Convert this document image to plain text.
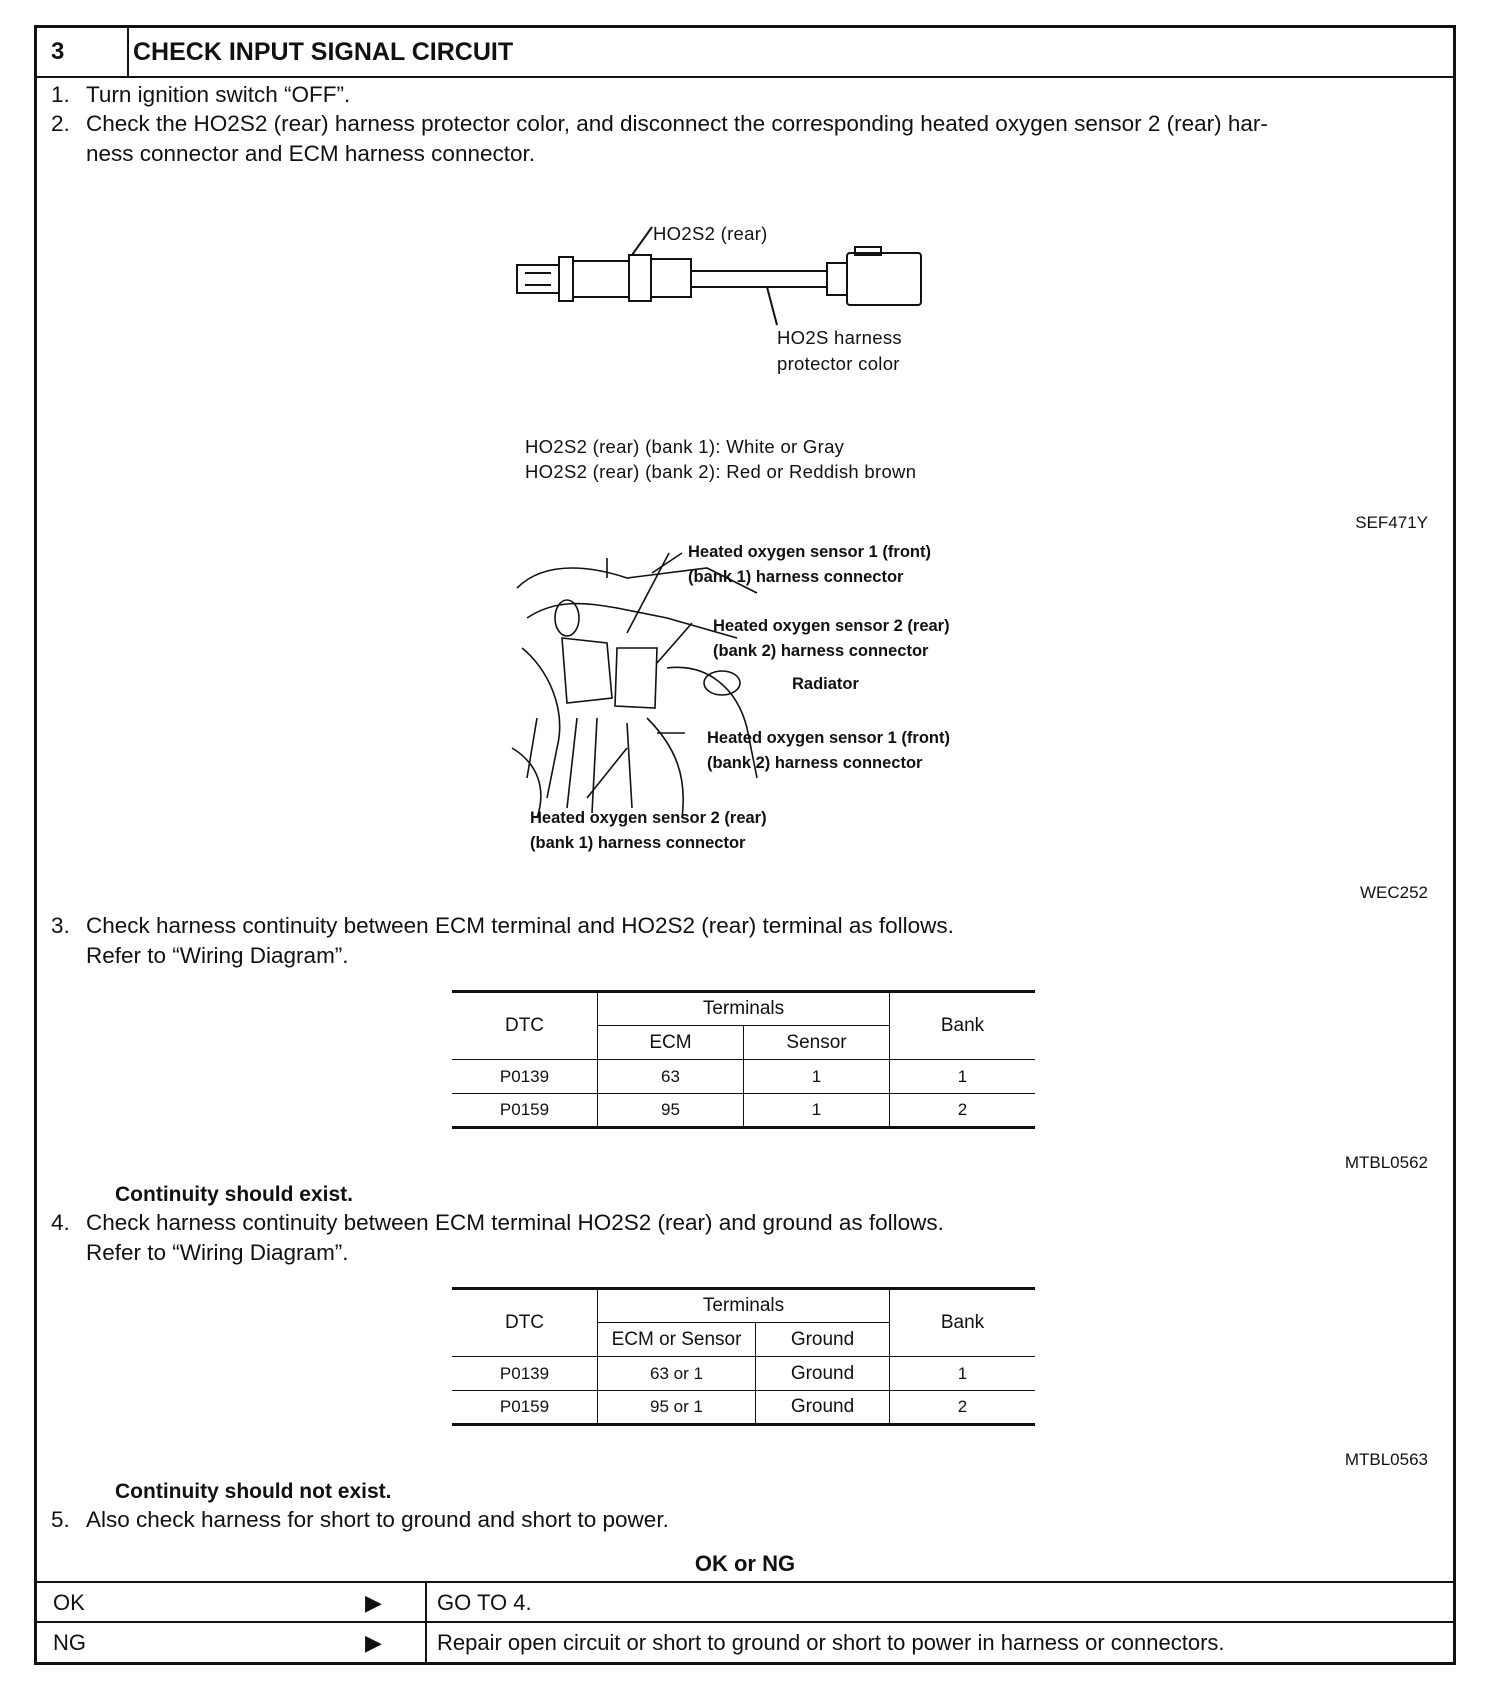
3	CHECK INPUT SIGNAL CIRCUIT
1. Turn ignition switch “OFF”.
2. Check the HO2S2 (rear) harness protector color, and disconnect the corresponding heated oxygen sensor 2 (rear) har-
ness connector and ECM harness connector.
HO2S2 (rear)
HO2S harness
protector color
HO2S2 (rear) (bank 1): White or Gray
HO2S2 (rear) (bank 2): Red or Reddish brown
SEF471Y
Heated oxygen sensor 1 (front)
(bank 1) harness connector
Heated oxygen sensor 2 (rear)
(bank 2) harness connector
Radiator
Heated oxygen sensor 1 (front)
(bank 2) harness connector
Heated oxygen sensor 2 (rear)
(bank 1) harness connector
WEC252
3. Check harness continuity between ECM terminal and HO2S2 (rear) terminal as follows.
Refer to “Wiring Diagram”.
DTC	Terminals		Bank
	ECM	Sensor	
P0139	63	1	1
P0159	95	1	2
MTBL0562
Continuity should exist.
4. Check harness continuity between ECM terminal HO2S2 (rear) and ground as follows.
Refer to “Wiring Diagram”.
DTC	Terminals		Bank
	ECM or Sensor	Ground	
P0139	63 or 1	Ground	1
P0159	95 or 1	Ground	2
MTBL0563
Continuity should not exist.
5. Also check harness for short to ground and short to power.
OK or NG
OK	▶	GO TO 4.
NG	▶	Repair open circuit or short to ground or short to power in harness or connectors.
